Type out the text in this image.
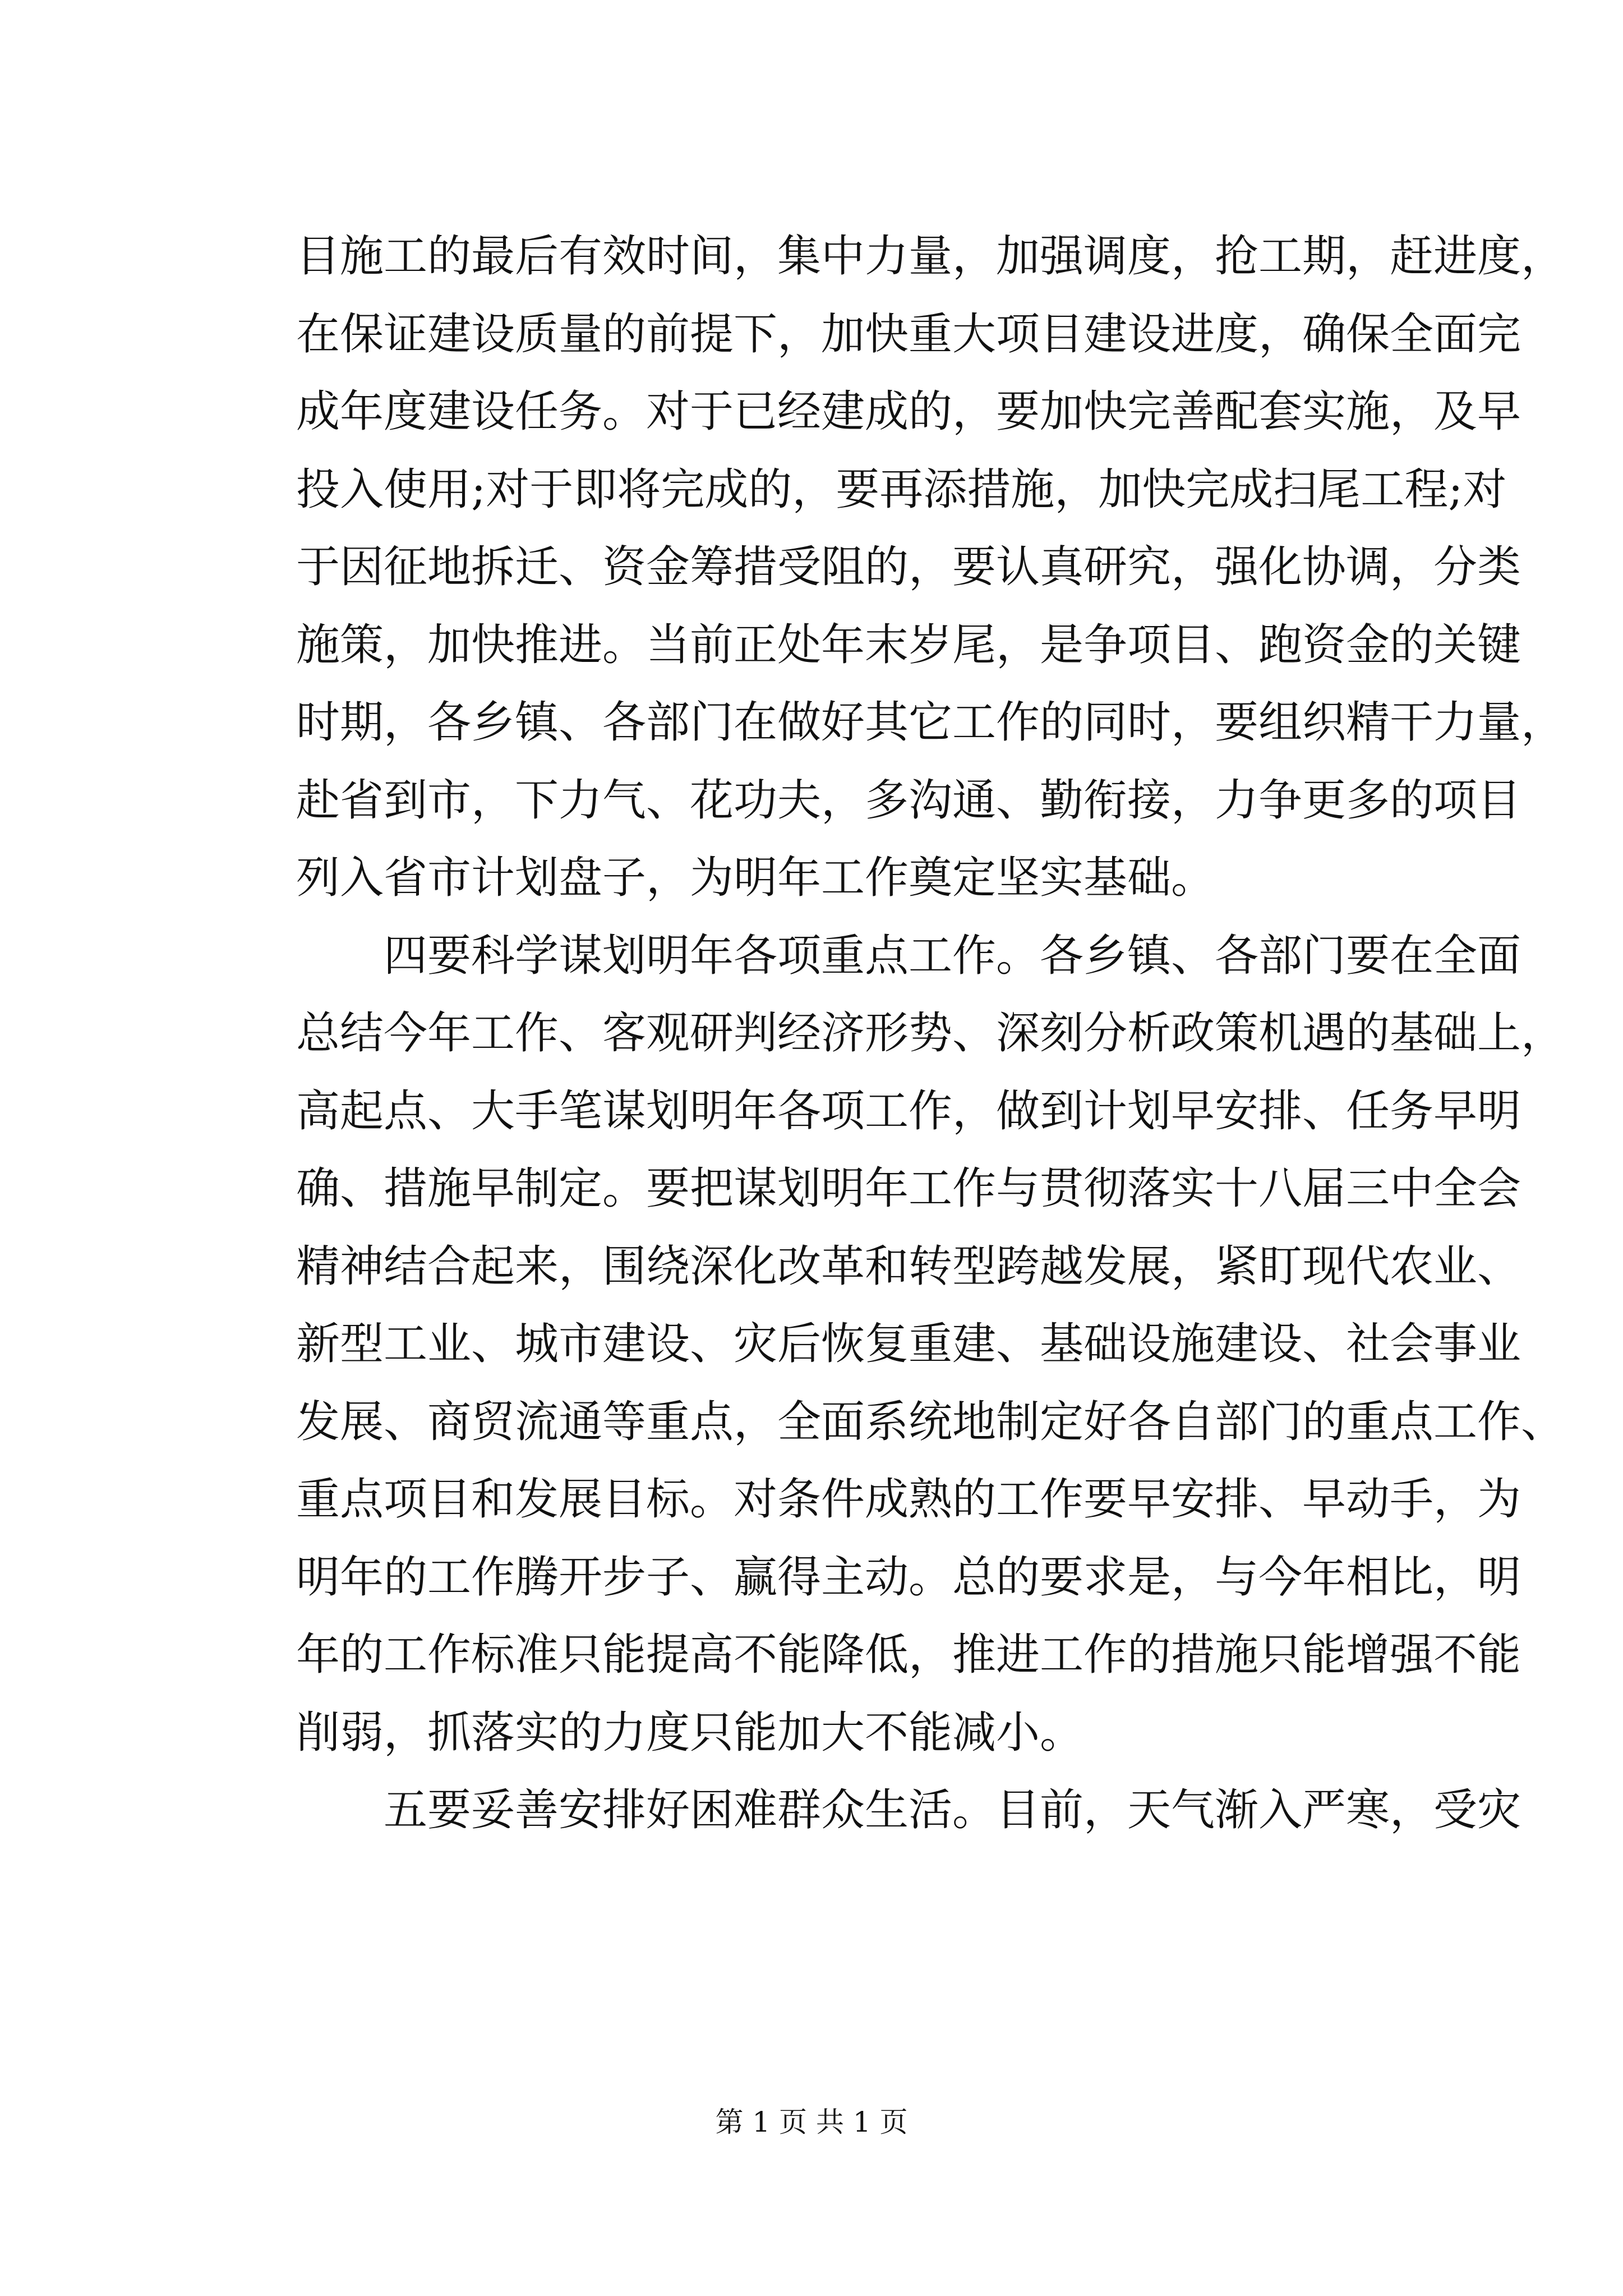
目施工的最后有效时间，集中力量，加强调度，抢工期，赶进度，
在保证建设质量的前提下，加快重大项目建设进度，确保全面完
成年度建设任务。对于已经建成的，要加快完善配套实施，及早
投入使用;对于即将完成的，要再添措施，加快完成扫尾工程;对
于因征地拆迁、资金筹措受阻的，要认真研究，强化协调，分类
施策，加快推进。当前正处年末岁尾，是争项目、跑资金的关键
时期，各乡镇、各部门在做好其它工作的同时，要组织精干力量，
赴省到市，下力气、花功夫，多沟通、勤衔接，力争更多的项目
列入省市计划盘子，为明年工作奠定坚实基础。
　　四要科学谋划明年各项重点工作。各乡镇、各部门要在全面
总结今年工作、客观研判经济形势、深刻分析政策机遇的基础上，
高起点、大手笔谋划明年各项工作，做到计划早安排、任务早明
确、措施早制定。要把谋划明年工作与贯彻落实十八届三中全会
精神结合起来，围绕深化改革和转型跨越发展，紧盯现代农业、
新型工业、城市建设、灾后恢复重建、基础设施建设、社会事业
发展、商贸流通等重点，全面系统地制定好各自部门的重点工作、
重点项目和发展目标。对条件成熟的工作要早安排、早动手，为
明年的工作腾开步子、赢得主动。总的要求是，与今年相比，明
年的工作标准只能提高不能降低，推进工作的措施只能增强不能
削弱，抓落实的力度只能加大不能减小。
　　五要妥善安排好困难群众生活。目前，天气渐入严寒，受灾
第 1 页 共 1 页
